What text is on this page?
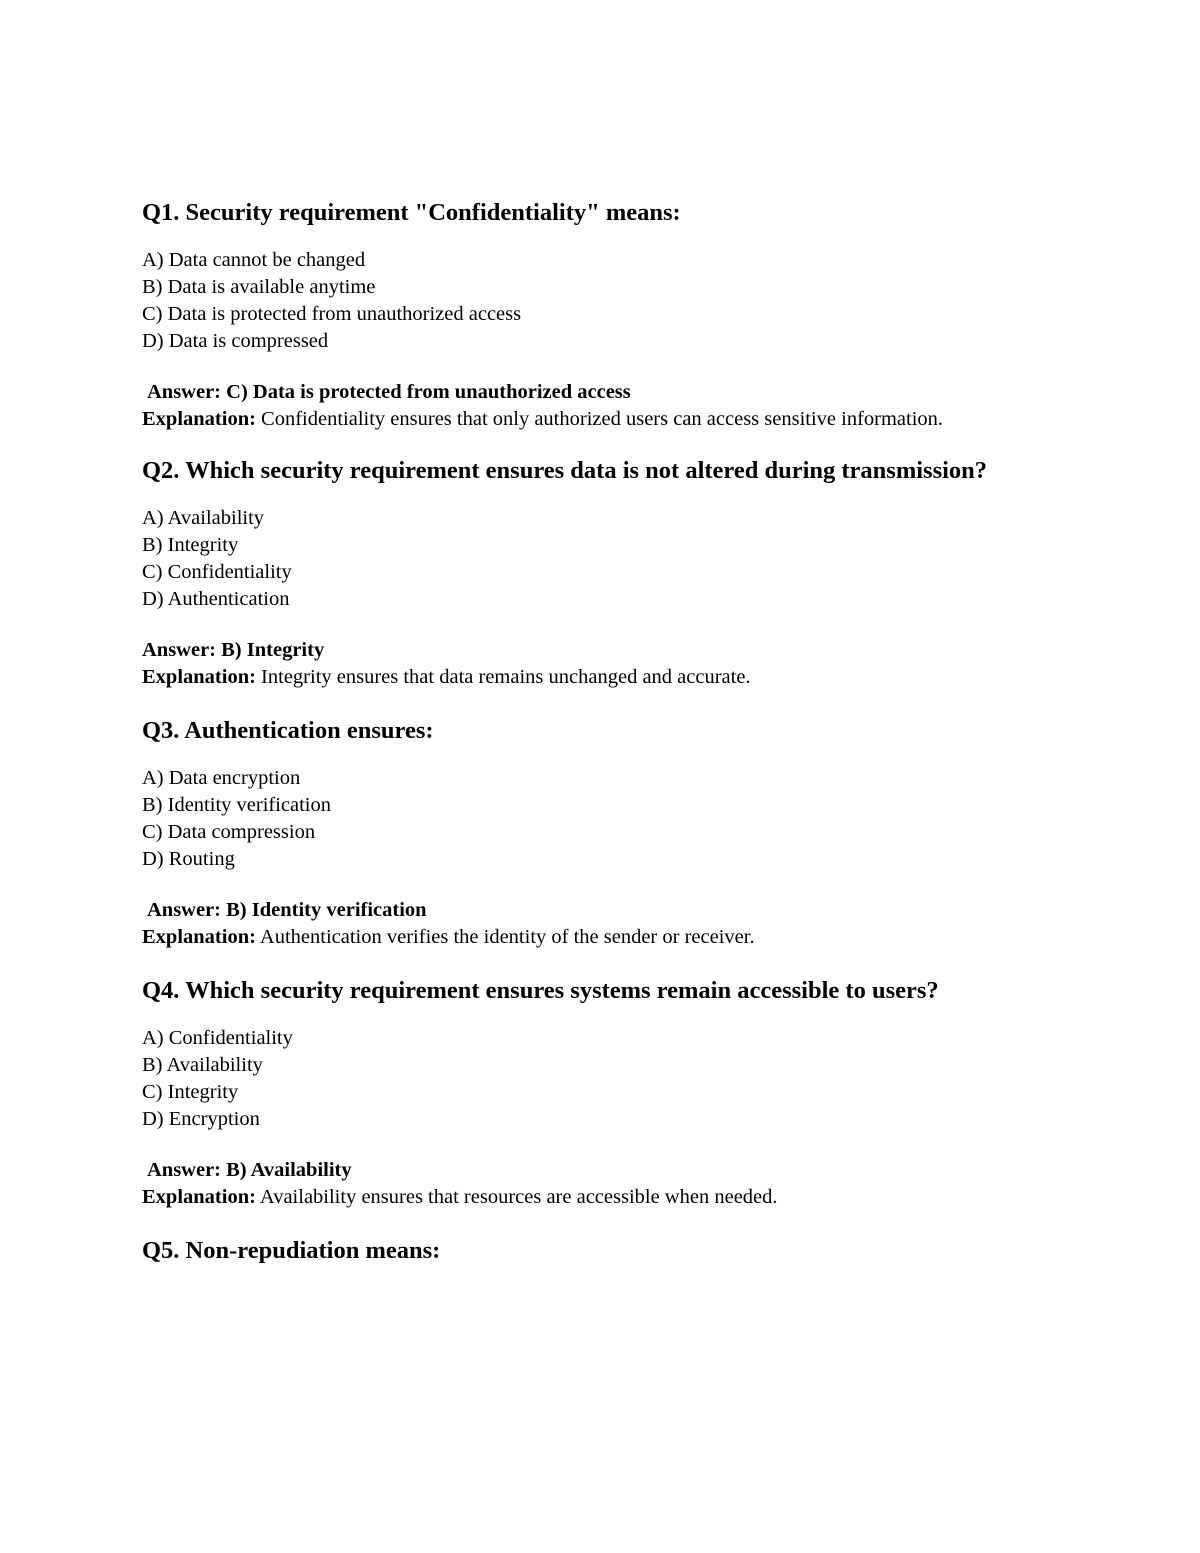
Q1. Security requirement "Confidentiality" means:
A) Data cannot be changed
B) Data is available anytime
C) Data is protected from unauthorized access
D) Data is compressed
Answer: C) Data is protected from unauthorized access
Explanation: Confidentiality ensures that only authorized users can access sensitive information.
Q2. Which security requirement ensures data is not altered during transmission?
A) Availability
B) Integrity
C) Confidentiality
D) Authentication
Answer: B) Integrity
Explanation: Integrity ensures that data remains unchanged and accurate.
Q3. Authentication ensures:
A) Data encryption
B) Identity verification
C) Data compression
D) Routing
Answer: B) Identity verification
Explanation: Authentication verifies the identity of the sender or receiver.
Q4. Which security requirement ensures systems remain accessible to users?
A) Confidentiality
B) Availability
C) Integrity
D) Encryption
Answer: B) Availability
Explanation: Availability ensures that resources are accessible when needed.
Q5. Non-repudiation means:
